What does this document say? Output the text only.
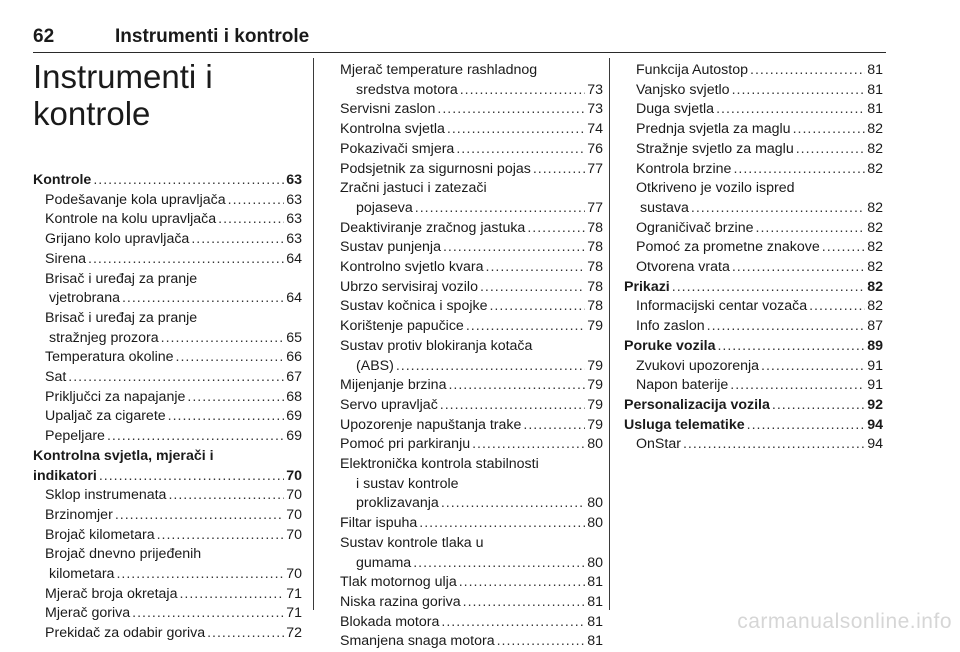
62	Instrumenti i kontrole
Instrumenti i
kontrole
Kontrole .....	63
Podešavanje kola upravljača .....	63
Kontrole na kolu upravljača .....	63
Grijano kolo upravljača .....	63
Sirena .....	64
Brisač i uređaj za pranje
vjetrobrana .....	64
Brisač i uređaj za pranje
stražnjeg prozora .....	65
Temperatura okoline .....	66
Sat .....	67
Priključci za napajanje .....	68
Upaljač za cigarete .....	69
Pepeljare .....	69
Kontrolna svjetla, mjerači i
indikatori .....	70
Sklop instrumenata .....	70
Brzinomjer .....	70
Brojač kilometara .....	70
Brojač dnevno prijeđenih
kilometara .....	70
Mjerač broja okretaja .....	71
Mjerač goriva .....	71
Prekidač za odabir goriva .....	72
Mjerač temperature rashladnog
sredstva motora .....	73
Servisni zaslon .....	73
Kontrolna svjetla .....	74
Pokazivači smjera .....	76
Podsjetnik za sigurnosni pojas .....	77
Zračni jastuci i zatezači
pojaseva .....	77
Deaktiviranje zračnog jastuka .....	78
Sustav punjenja .....	78
Kontrolno svjetlo kvara .....	78
Ubrzo servisiraj vozilo .....	78
Sustav kočnica i spojke .....	78
Korištenje papučice .....	79
Sustav protiv blokiranja kotača
(ABS) .....	79
Mijenjanje brzina .....	79
Servo upravljač .....	79
Upozorenje napuštanja trake .....	79
Pomoć pri parkiranju .....	80
Elektronička kontrola stabilnosti
i sustav kontrole
proklizavanja .....	80
Filtar ispuha .....	80
Sustav kontrole tlaka u
gumama .....	80
Tlak motornog ulja .....	81
Niska razina goriva .....	81
Blokada motora .....	81
Smanjena snaga motora .....	81
Funkcija Autostop .....	81
Vanjsko svjetlo .....	81
Duga svjetla .....	81
Prednja svjetla za maglu .....	82
Stražnje svjetlo za maglu .....	82
Kontrola brzine .....	82
Otkriveno je vozilo ispred
sustava .....	82
Ograničivač brzine .....	82
Pomoć za prometne znakove .....	82
Otvorena vrata .....	82
Prikazi .....	82
Informacijski centar vozača .....	82
Info zaslon .....	87
Poruke vozila .....	89
Zvukovi upozorenja .....	91
Napon baterije .....	91
Personalizacija vozila .....	92
Usluga telematike .....	94
OnStar .....	94
carmanualsonline.info
